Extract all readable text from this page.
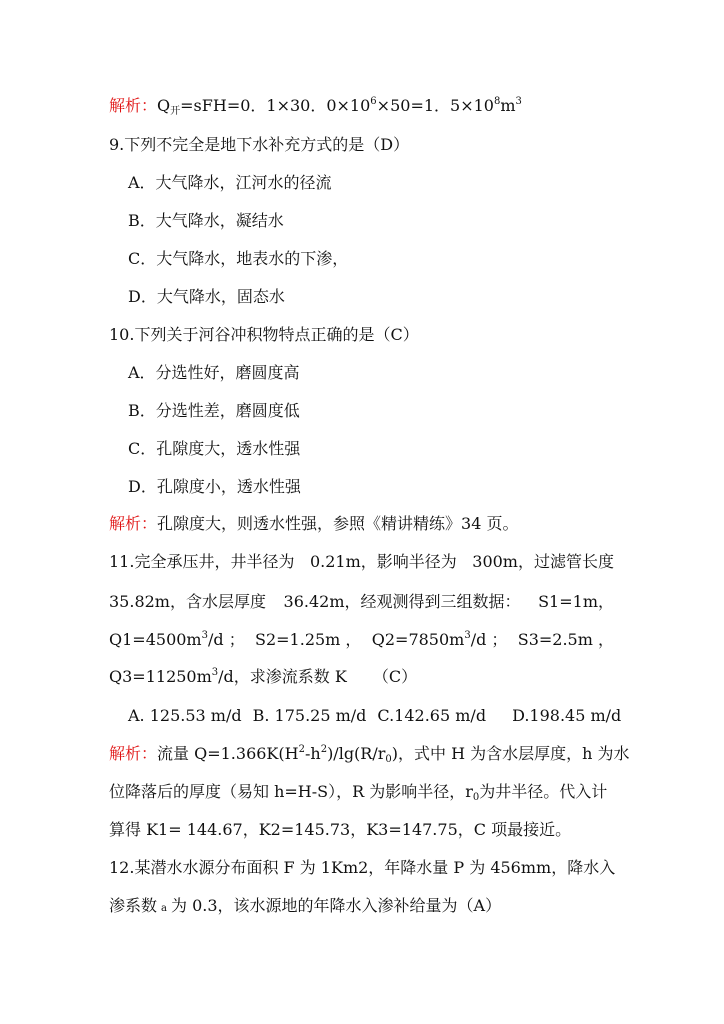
解析：$Q_开=sFH=0$．1×30．$0\times 10^6\times 50=1$．$5\times 10^8m^3$
9.下列不完全是地下水补充方式的是（D）
A．大气降水，江河水的径流
B．大气降水，凝结水
C．大气降水，地表水的下渗，
D．大气降水，固态水
10.下列关于河谷冲积物特点正确的是（C）
A．分选性好，磨圆度高
B．分选性差，磨圆度低
C．孔隙度大，透水性强
D．孔隙度小，透水性强
解析：孔隙度大，则透水性强，参照《精讲精练》34 页。
11.完全承压井，井半径为 0.21m，影响半径为 300m，过滤管长度
35.82m，含水层厚度 36.42m，经观测得到三组数据： S1=1m，
$Q1=4500m^3/d$ ； S2=1.25m ， $Q2=7850m^3/d$ ； S3=2.5m ，
$Q3=11250m^3/d$，求渗流系数 K （C）
A. 125.53 m/d B. 175.25 m/d C.142.65 m/d D.198.45 m/d
解析：流量 $Q=1.366K(H^2-h^2)/\lg(R/r_0)$，式中 H 为含水层厚度，h 为水
位降落后的厚度（易知 h=H-S），R 为影响半径，$r_0$为井半径。代入计
算得 K1= 144.67，K2=145.73，K3=147.75，C 项最接近。
12.某潜水水源分布面积 F 为 1Km2，年降水量 P 为 456mm，降水入
渗系数 a 为 0.3，该水源地的年降水入渗补给量为（A）
